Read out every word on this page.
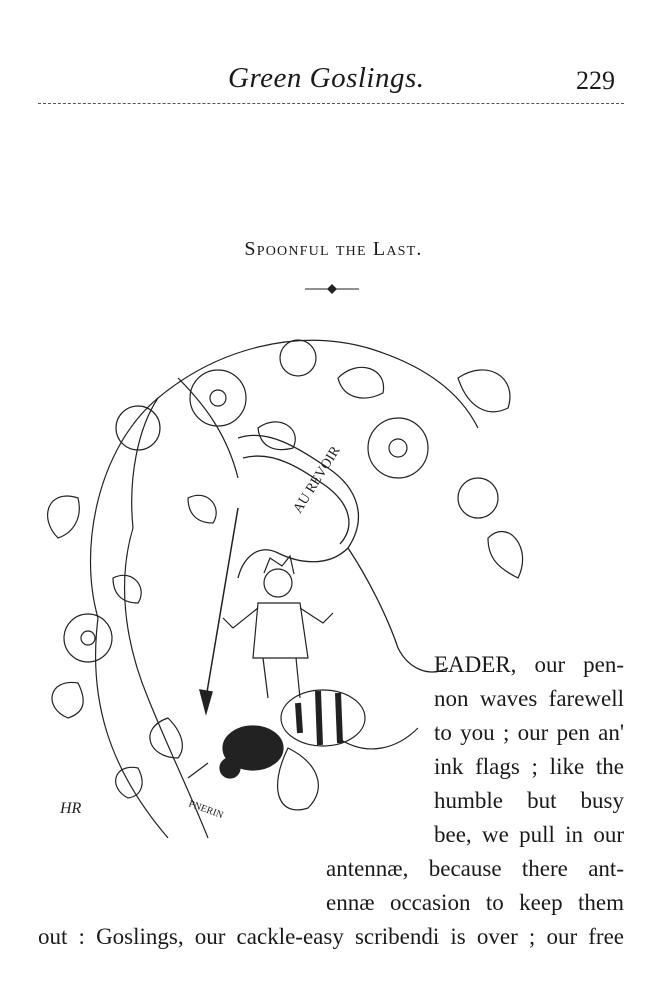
Green Goslings.	229
Spoonful the Last.
AU REVOIR
HR	PNERIN
EADER, our pen-
non waves farewell
to you ; our pen an'
ink flags ; like the
humble but busy
bee, we pull in our
antennæ, because there ant-
ennæ occasion to keep them
out : Goslings, our cackle-easy scribendi is over ; our free
